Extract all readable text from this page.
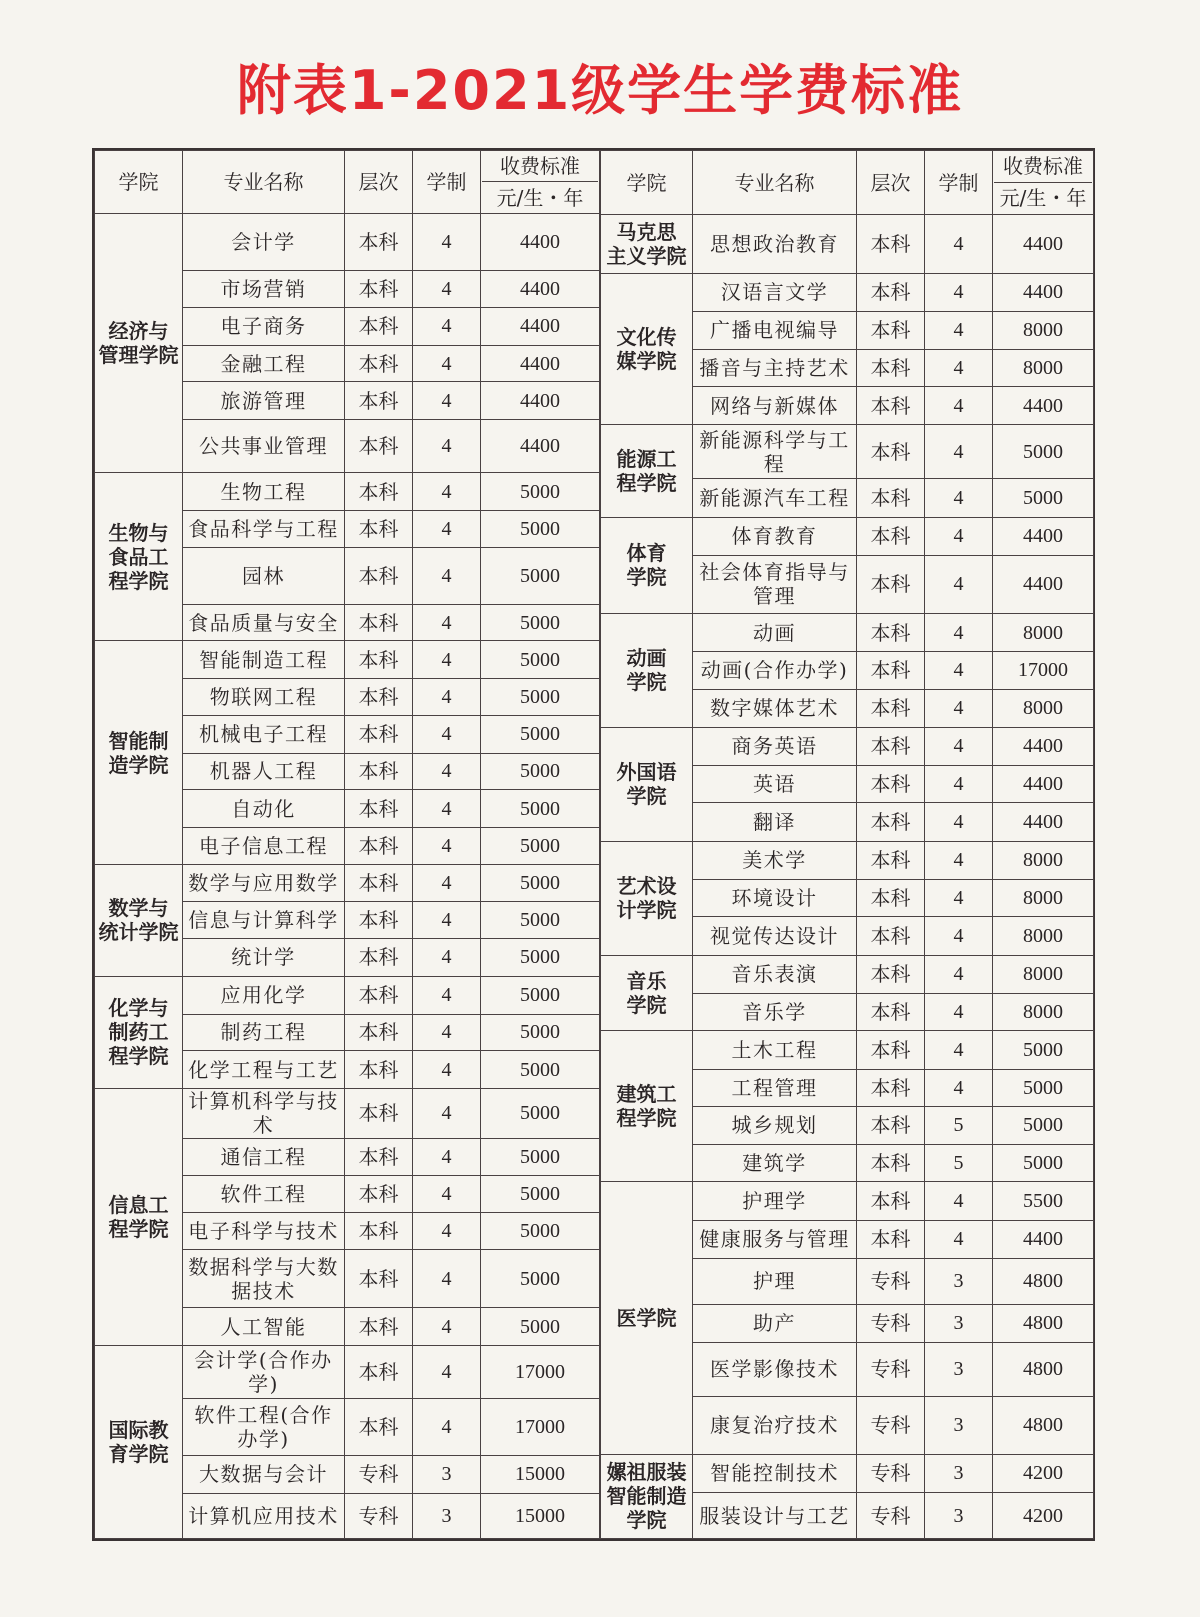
附表1-2021级学生学费标准
学院	专业名称	层次	学制	收费标准
元/生・年

经济与
管理学院	会计学	本科	4	4400
	市场营销	本科	4	4400
	电子商务	本科	4	4400
	金融工程	本科	4	4400
	旅游管理	本科	4	4400
	公共事业管理	本科	4	4400
生物与
食品工
程学院	生物工程	本科	4	5000
	食品科学与工程	本科	4	5000
	园林	本科	4	5000
	食品质量与安全	本科	4	5000
智能制
造学院	智能制造工程	本科	4	5000
	物联网工程	本科	4	5000
	机械电子工程	本科	4	5000
	机器人工程	本科	4	5000
	自动化	本科	4	5000
	电子信息工程	本科	4	5000
数学与
统计学院	数学与应用数学	本科	4	5000
	信息与计算科学	本科	4	5000
	统计学	本科	4	5000
化学与
制药工
程学院	应用化学	本科	4	5000
	制药工程	本科	4	5000
	化学工程与工艺	本科	4	5000
信息工
程学院	计算机科学与技术	本科	4	5000
	通信工程	本科	4	5000
	软件工程	本科	4	5000
	电子科学与技术	本科	4	5000
	数据科学与大数
据技术	本科	4	5000
	人工智能	本科	4	5000
国际教
育学院	会计学(合作办学)	本科	4	17000
	软件工程(合作办学)	本科	4	17000
	大数据与会计	专科	3	15000
	计算机应用技术	专科	3	15000
学院	专业名称	层次	学制	收费标准
元/生・年

马克思
主义学院	思想政治教育	本科	4	4400
文化传
媒学院	汉语言文学	本科	4	4400
	广播电视编导	本科	4	8000
	播音与主持艺术	本科	4	8000
	网络与新媒体	本科	4	4400
能源工
程学院	新能源科学与工程	本科	4	5000
	新能源汽车工程	本科	4	5000
体育
学院	体育教育	本科	4	4400
	社会体育指导与
管理	本科	4	4400
动画
学院	动画	本科	4	8000
	动画(合作办学)	本科	4	17000
	数字媒体艺术	本科	4	8000
外国语
学院	商务英语	本科	4	4400
	英语	本科	4	4400
	翻译	本科	4	4400
艺术设
计学院	美术学	本科	4	8000
	环境设计	本科	4	8000
	视觉传达设计	本科	4	8000
音乐
学院	音乐表演	本科	4	8000
	音乐学	本科	4	8000
建筑工
程学院	土木工程	本科	4	5000
	工程管理	本科	4	5000
	城乡规划	本科	5	5000
	建筑学	本科	5	5000
医学院	护理学	本科	4	5500
	健康服务与管理	本科	4	4400
	护理	专科	3	4800
	助产	专科	3	4800
	医学影像技术	专科	3	4800
	康复治疗技术	专科	3	4800
嫘祖服装
智能制造
学院	智能控制技术	专科	3	4200
	服装设计与工艺	专科	3	4200
